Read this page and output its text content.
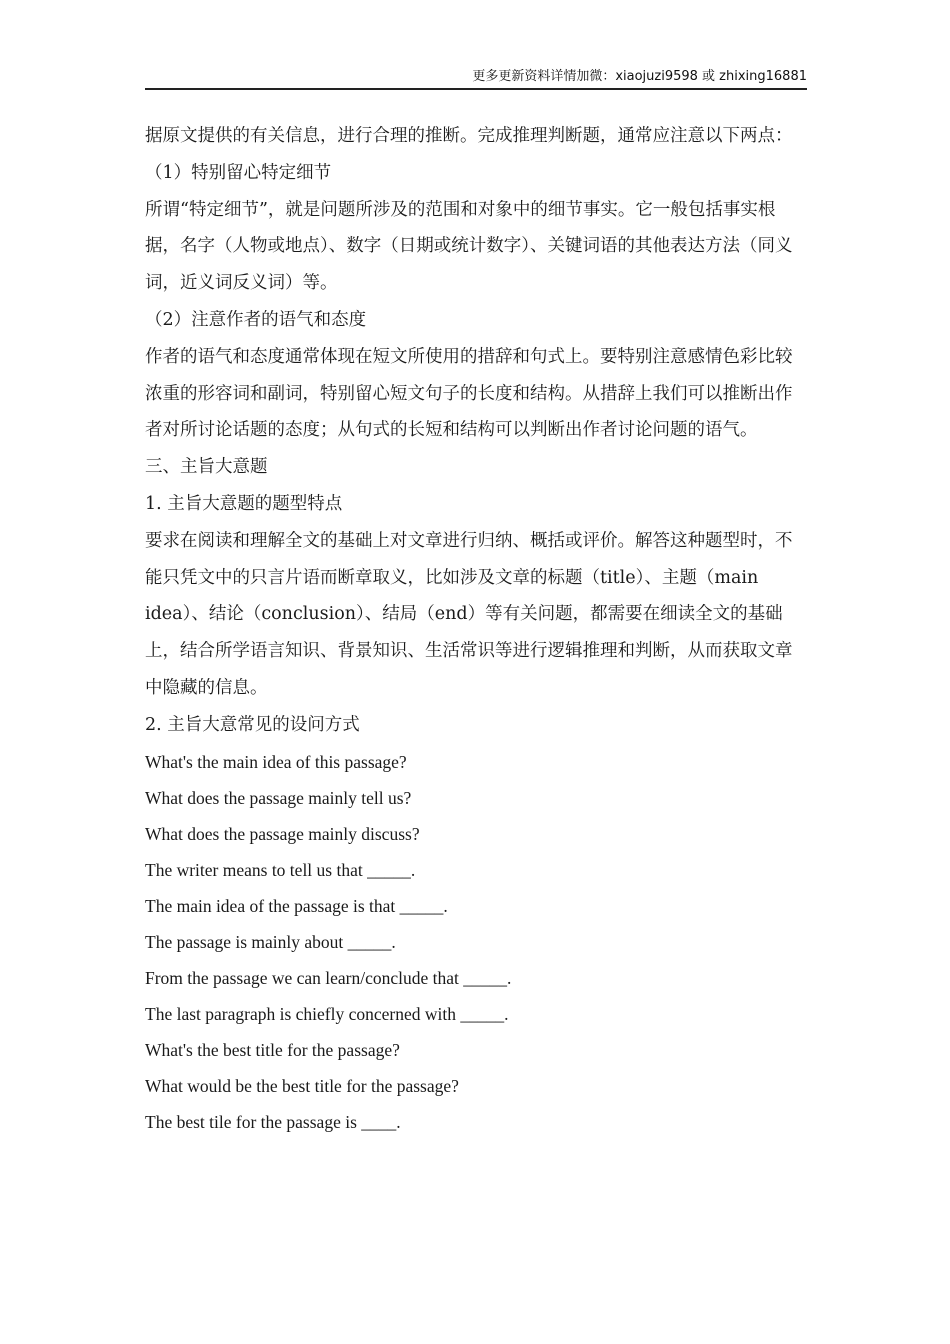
更多更新资料详情加微：xiaojuzi9598 或 zhixing16881

据原文提供的有关信息，进行合理的推断。完成推理判断题，通常应注意以下两点：

（1）特别留心特定细节

所谓“特定细节”，就是问题所涉及的范围和对象中的细节事实。它一般包括事实根据，名字（人物或地点）、数字（日期或统计数字）、关键词语的其他表达方法（同义词，近义词反义词）等。

（2）注意作者的语气和态度

作者的语气和态度通常体现在短文所使用的措辞和句式上。要特别注意感情色彩比较浓重的形容词和副词，特别留心短文句子的长度和结构。从措辞上我们可以推断出作者对所讨论话题的态度；从句式的长短和结构可以判断出作者讨论问题的语气。

三、主旨大意题

1. 主旨大意题的题型特点

要求在阅读和理解全文的基础上对文章进行归纳、概括或评价。解答这种题型时，不能只凭文中的只言片语而断章取义，比如涉及文章的标题（title）、主题（main idea）、结论（conclusion）、结局（end）等有关问题，都需要在细读全文的基础上，结合所学语言知识、背景知识、生活常识等进行逻辑推理和判断，从而获取文章中隐藏的信息。

2. 主旨大意常见的设问方式

What's the main idea of this passage?

What does the passage mainly tell us?

What does the passage mainly discuss?

The writer means to tell us that _____.

The main idea of the passage is that _____.

The passage is mainly about _____.

From the passage we can learn/conclude that _____.

The last paragraph is chiefly concerned with _____.

What's the best title for the passage?

What would be the best title for the passage?

The best tile for the passage is ____.
